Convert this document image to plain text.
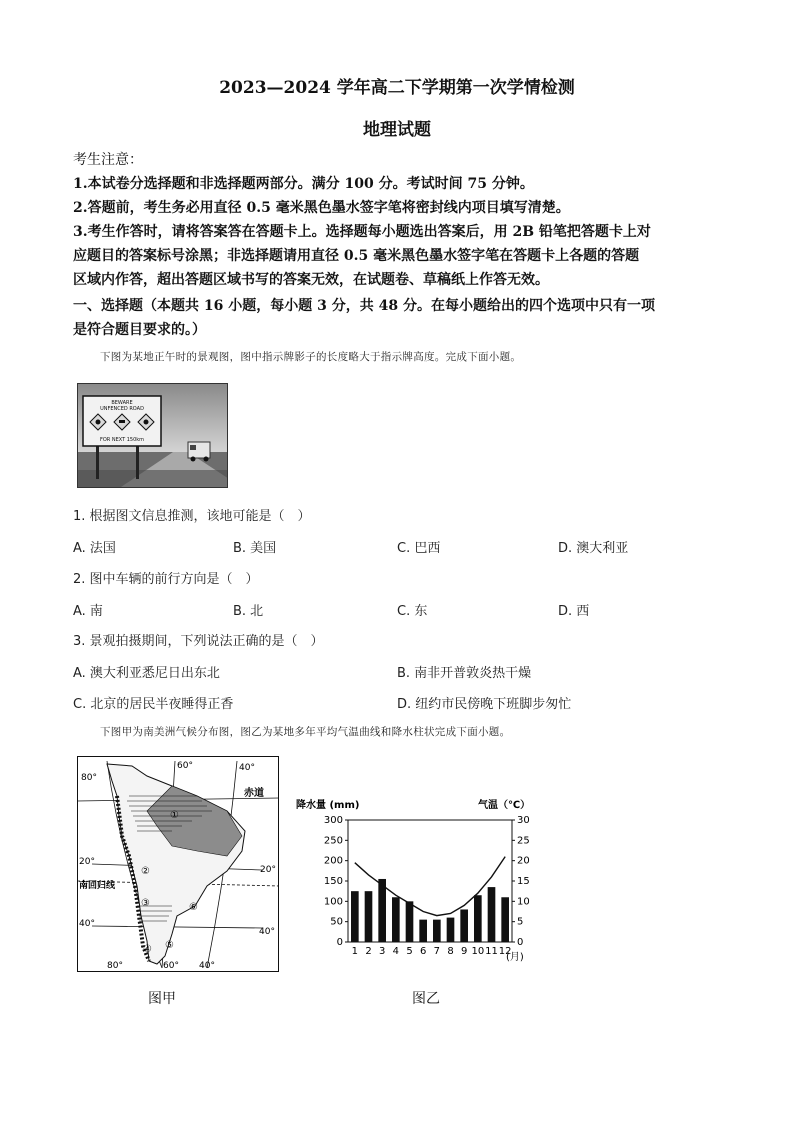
2023—2024 学年高二下学期第一次学情检测
地理试题
考生注意：
1.本试卷分选择题和非选择题两部分。满分 100 分。考试时间 75 分钟。
2.答题前，考生务必用直径 0.5 毫米黑色墨水签字笔将密封线内项目填写清楚。
3.考生作答时，请将答案答在答题卡上。选择题每小题选出答案后，用 2B 铅笔把答题卡上对
应题目的答案标号涂黑；非选择题请用直径 0.5 毫米黑色墨水签字笔在答题卡上各题的答题
区域内作答，超出答题区域书写的答案无效，在试题卷、草稿纸上作答无效。
一、选择题（本题共 16 小题，每小题 3 分，共 48 分。在每小题给出的四个选项中只有一项
是符合题目要求的。）
下图为某地正午时的景观图，图中指示牌影子的长度略大于指示牌高度。完成下面小题。
BEWARE
UNFENCED ROAD
FOR NEXT 150km
1. 根据图文信息推测，该地可能是（　）
A. 法国	B. 美国	C. 巴西	D. 澳大利亚
2. 图中车辆的前行方向是（　）
A. 南	B. 北	C. 东	D. 西
3. 景观拍摄期间，下列说法正确的是（　）
A. 澳大利亚悉尼日出东北	B. 南非开普敦炎热干燥
C. 北京的居民半夜睡得正香	D. 纽约市民傍晚下班脚步匆忙
下图甲为南美洲气候分布图，图乙为某地多年平均气温曲线和降水柱状完成下面小题。
80°
60°	40°
80°	60° 40°
20°
40°
20°
40°
赤道
南回归线
①
②
③
④ ⑤
⑥
降水量 (mm)	气温（℃）
(月)
0
50
100
150
200
250
300
0
5
10
15
20
25
30
1 2 3 4 5 6 7 8 9 10 11 12
图甲	图乙
